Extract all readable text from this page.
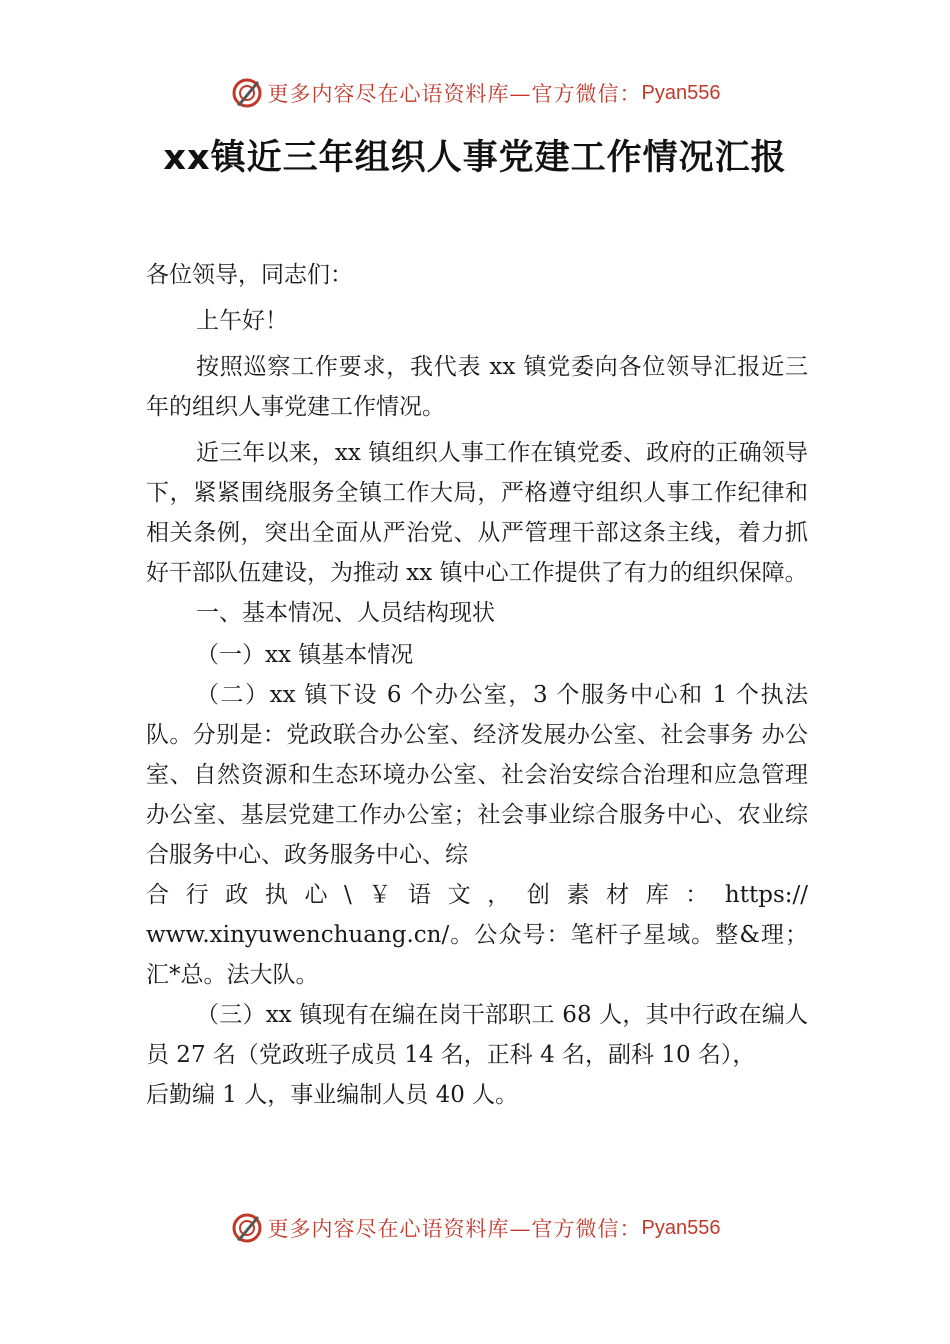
更多内容尽在心语资料库—官方微信： Pyan556
xx镇近三年组织人事党建工作情况汇报

各位领导，同志们：

上午好！

按照巡察工作要求，我代表 xx 镇党委向各位领导汇报近三年的组织人事党建工作情况。

近三年以来，xx 镇组织人事工作在镇党委、政府的正确领导下，紧紧围绕服务全镇工作大局，严格遵守组织人事工作纪律和相关条例，突出全面从严治党、从严管理干部这条主线，着力抓好干部队伍建设，为推动 xx 镇中心工作提供了有力的组织保障。

一、基本情况、人员结构现状

（一）xx 镇基本情况

（二）xx 镇下设 6 个办公室，3 个服务中心和 1 个执法队。分别是：党政联合办公室、经济发展办公室、社会事务 办公室、自然资源和生态环境办公室、社会治安综合治理和应急管理办公室、基层党建工作办公室；社会事业综合服务中心、农业综合服务中心、政务服务中心、综

合行政执心\￥语文，创素材库：https://

www.xinyuwenchuang.cn/。公众号：笔杆子星域。整&理；汇*总。法大队。

（三）xx 镇现有在编在岗干部职工 68 人，其中行政在编人员 27 名（党政班子成员 14 名，正科 4 名，副科 10 名），

后勤编 1 人，事业编制人员 40 人。

更多内容尽在心语资料库—官方微信： Pyan556
